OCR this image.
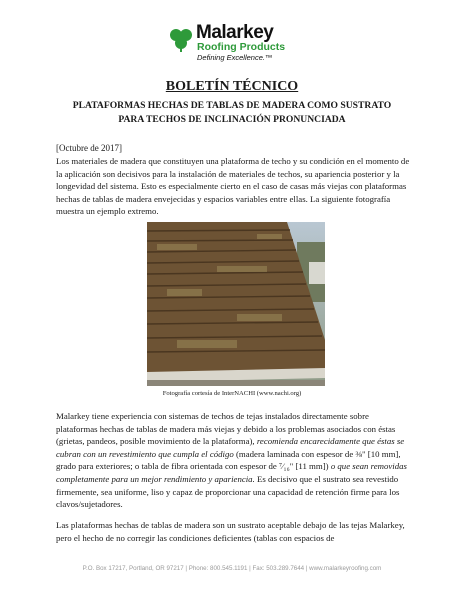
Malarkey
Roofing Products
Defining Excellence.™
BOLETÍN TÉCNICO
PLATAFORMAS HECHAS DE TABLAS DE MADERA COMO SUSTRATO PARA TECHOS DE INCLINACIÓN PRONUNCIADA
[Octubre de 2017]
Los materiales de madera que constituyen una plataforma de techo y su condición en el momento de la aplicación son decisivos para la instalación de materiales de techos, su apariencia posterior y la longevidad del sistema. Esto es especialmente cierto en el caso de casas más viejas con plataformas hechas de tablas de madera envejecidas y espacios variables entre ellas. La siguiente fotografía muestra un ejemplo extremo.
Fotografía cortesía de InterNACHI (www.nachi.org)
Malarkey tiene experiencia con sistemas de techos de tejas instalados directamente sobre plataformas hechas de tablas de madera más viejas y debido a los problemas asociados con éstas (grietas, pandeos, posible movimiento de la plataforma), recomienda encarecidamente que éstas se cubran con un revestimiento que cumpla el código (madera laminada con espesor de ⅜" [10 mm], grado para exteriores; o tabla de fibra orientada con espesor de ⁷⁄₁₆" [11 mm]) o que sean removidas completamente para un mejor rendimiento y apariencia. Es decisivo que el sustrato sea revestido firmemente, sea uniforme, liso y capaz de proporcionar una capacidad de retención firme para los clavos/sujetadores.
Las plataformas hechas de tablas de madera son un sustrato aceptable debajo de las tejas Malarkey, pero el hecho de no corregir las condiciones deficientes (tablas con espacios de
P.O. Box 17217, Portland, OR 97217 | Phone: 800.545.1191 | Fax: 503.289.7644 | www.malarkeyroofing.com
